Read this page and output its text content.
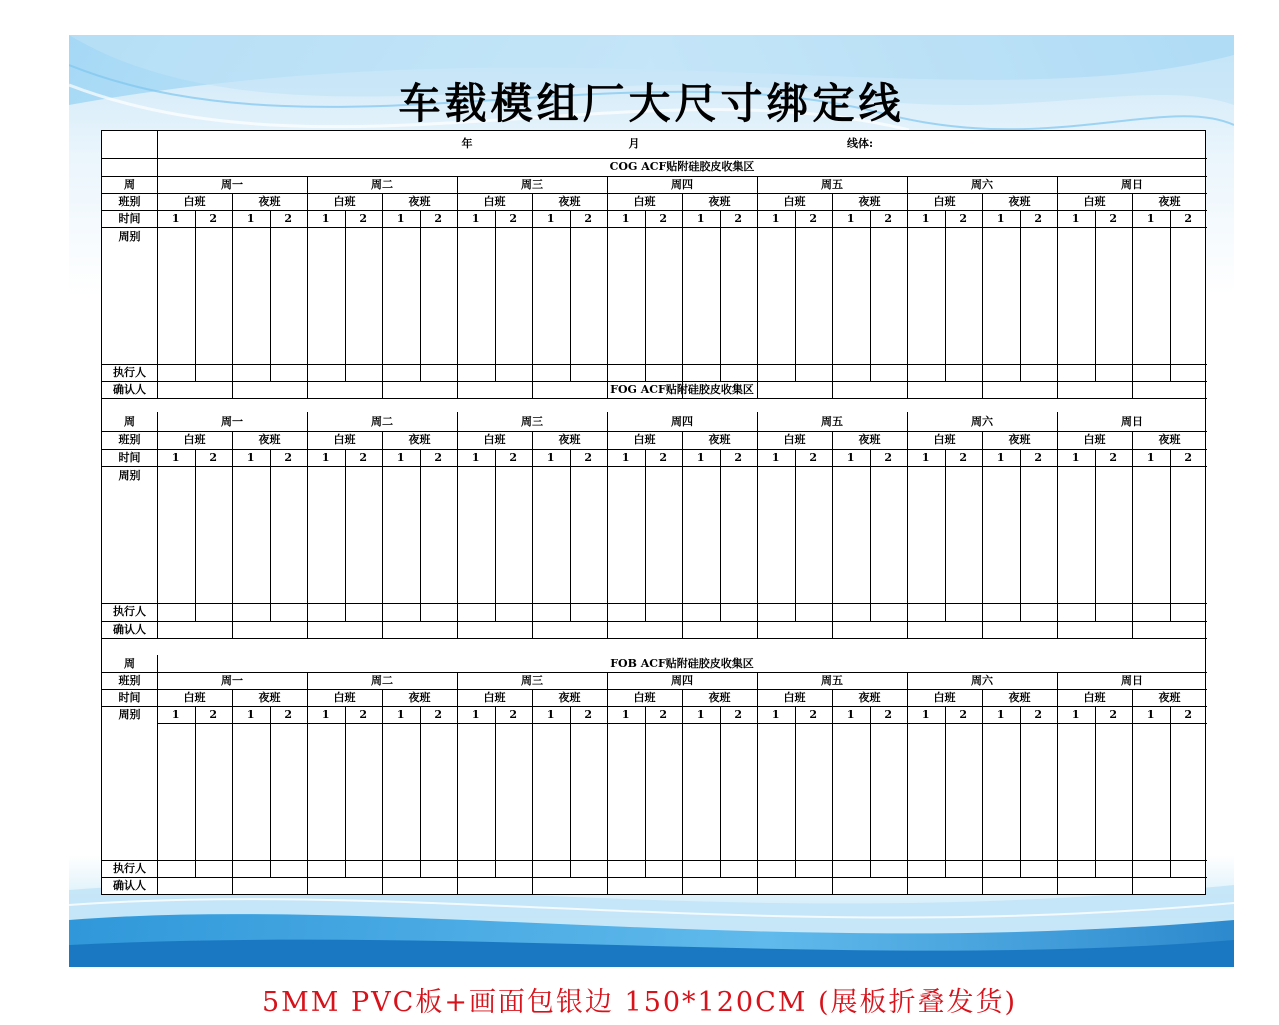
车载模组厂大尺寸绑定线
年	月	线体:
COG ACF贴附硅胶皮收集区
周	周一	周二	周三	周四	周五	周六	周日
班别	白班	夜班	白班	夜班	白班	夜班	白班	夜班	白班	夜班	白班	夜班	白班	夜班
时间	1	2	1	2	1	2	1	2	1	2	1	2	1	2	1	2	1	2	1	2	1	2	1	2	1	2	1	2
周别
执行人
确认人	FOG ACF贴附硅胶皮收集区
周	周一	周二	周三	周四	周五	周六	周日
班别	白班	夜班	白班	夜班	白班	夜班	白班	夜班	白班	夜班	白班	夜班	白班	夜班
时间	1	2	1	2	1	2	1	2	1	2	1	2	1	2	1	2	1	2	1	2	1	2	1	2	1	2	1	2
周别
执行人
确认人
周	FOB ACF贴附硅胶皮收集区
班别	周一	周二	周三	周四	周五	周六	周日
时间	白班	夜班	白班	夜班	白班	夜班	白班	夜班	白班	夜班	白班	夜班	白班	夜班
周别	1	2	1	2	1	2	1	2	1	2	1	2	1	2	1	2	1	2	1	2	1	2	1	2	1	2	1	2
执行人
确认人
5MM PVC板+画面包银边 150*120CM (展板折叠发货)
